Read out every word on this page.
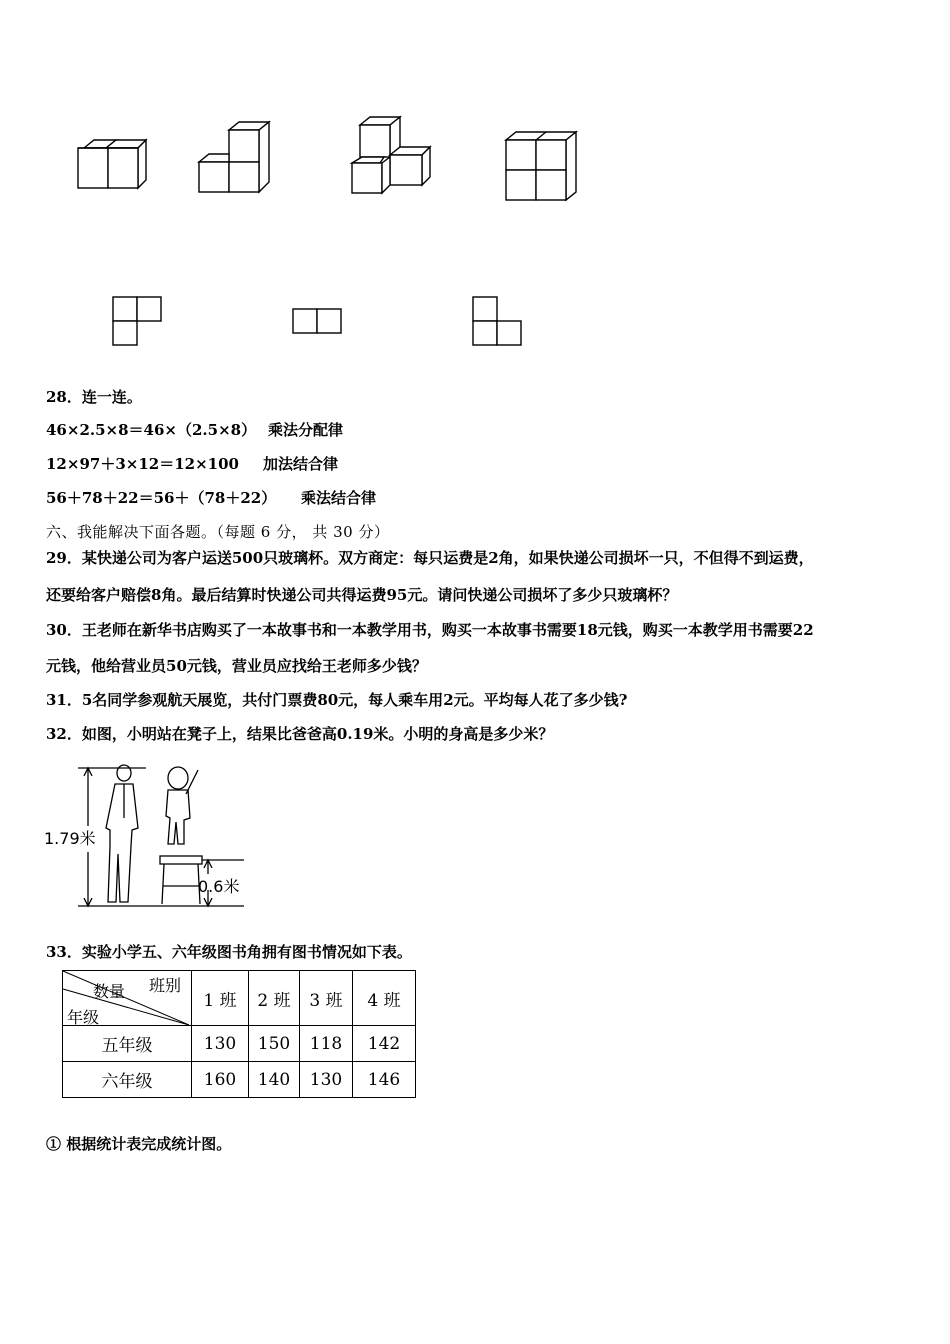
28．连一连。
46×2.5×8＝46×（2.5×8） 乘法分配律
12×97＋3×12＝12×100 加法结合律
56＋78＋22＝56＋（78＋22） 乘法结合律
六、我能解决下面各题。（每题 6 分， 共 30 分）
29．某快递公司为客户运送500只玻璃杯。双方商定：每只运费是2角，如果快递公司损坏一只，不但得不到运费，
还要给客户赔偿8角。最后结算时快递公司共得运费95元。请问快递公司损坏了多少只玻璃杯？
30．王老师在新华书店购买了一本故事书和一本教学用书，购买一本故事书需要18元钱，购买一本教学用书需要22
元钱，他给营业员50元钱，营业员应找给王老师多少钱？
31．5名同学参观航天展览，共付门票费80元，每人乘车用2元。平均每人花了多少钱?
32．如图，小明站在凳子上，结果比爸爸高0.19米。小明的身高是多少米？
1.79米
0.6米
33．实验小学五、六年级图书角拥有图书情况如下表。
班别
数量
年级	1 班	2 班	3 班	4 班
五年级	130	150	118	142
六年级	160	140	130	146
① 根据统计表完成统计图。
